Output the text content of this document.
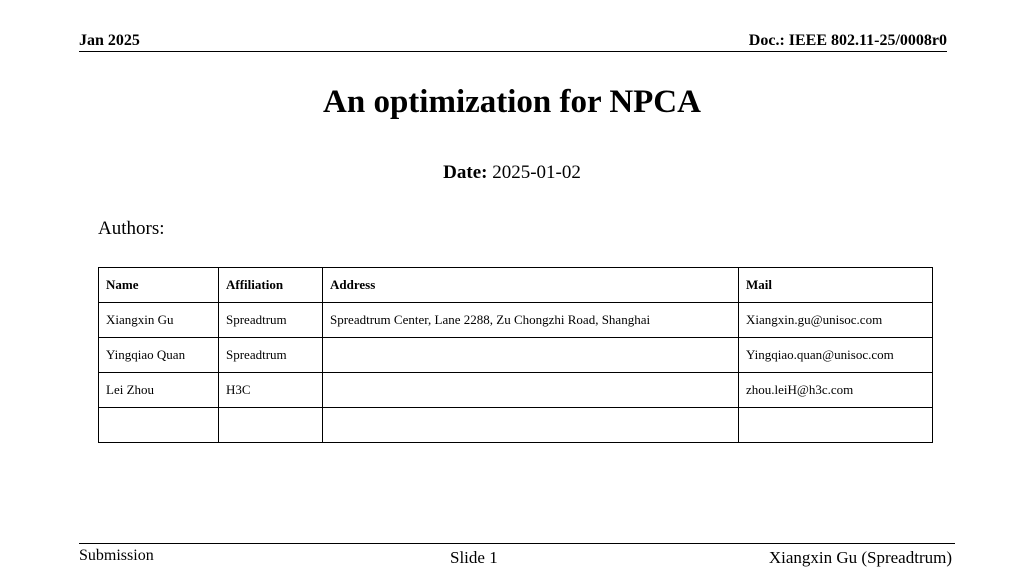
Jan 2025	Doc.: IEEE 802.11-25/0008r0
An optimization for NPCA
Date: 2025-01-02
Authors:
Name	Affiliation	Address	Mail
Xiangxin Gu	Spreadtrum	Spreadtrum Center, Lane 2288, Zu Chongzhi Road, Shanghai	Xiangxin.gu@unisoc.com
Yingqiao Quan	Spreadtrum		Yingqiao.quan@unisoc.com
Lei Zhou	H3C		zhou.leiH@h3c.com

Submission	Slide 1	Xiangxin Gu (Spreadtrum)
